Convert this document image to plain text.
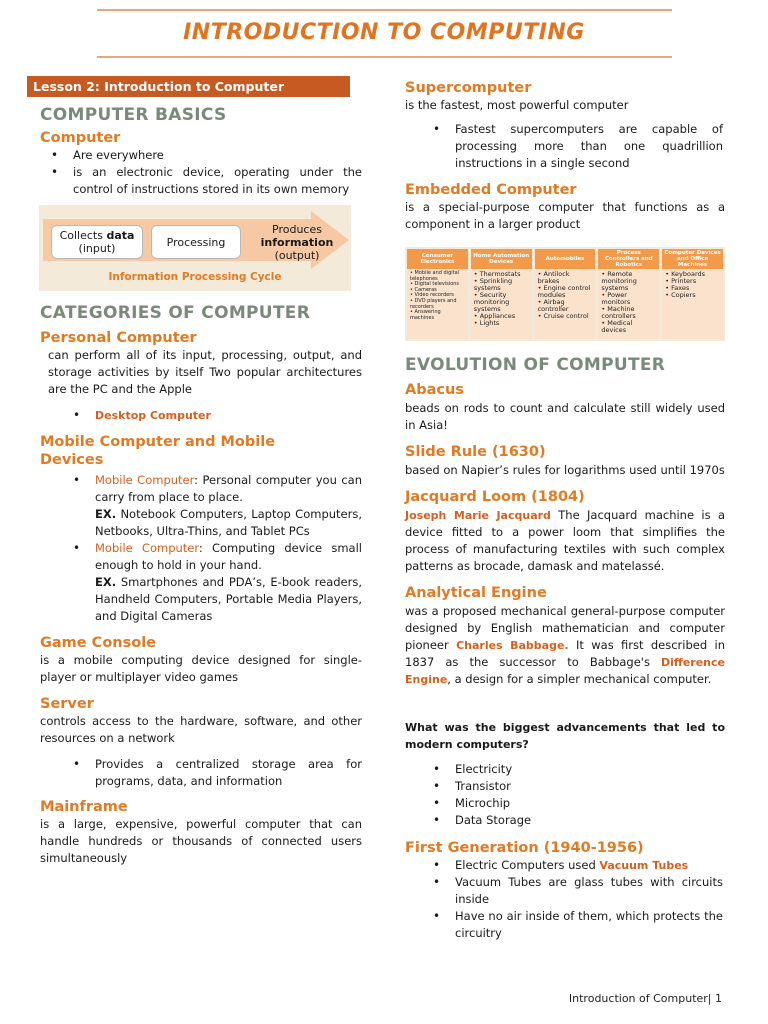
INTRODUCTION TO COMPUTING
Lesson 2: Introduction to Computer
COMPUTER BASICS
Computer
• Are everywhere
• is an electronic device, operating under the control of instructions stored in its own memory
Collects data
(input)	Processing
Produces
information
(output)
Information Processing Cycle
CATEGORIES OF COMPUTER
Personal Computer

can perform all of its input, processing, output, and storage activities by itself Two popular architectures are the PC and the Apple

• Desktop Computer
Mobile Computer and Mobile Devices
• Mobile Computer: Personal computer you can carry from place to place.
EX. Notebook Computers, Laptop Computers, Netbooks, Ultra-Thins, and Tablet PCs
• Mobile Computer: Computing device small enough to hold in your hand.
EX. Smartphones and PDA’s, E-book readers, Handheld Computers, Portable Media Players, and Digital Cameras
Game Console

is a mobile computing device designed for single-player or multiplayer video games

Server

controls access to the hardware, software, and other resources on a network

• Provides a centralized storage area for programs, data, and information
Mainframe

is a large, expensive, powerful computer that can handle hundreds or thousands of connected users simultaneously

Supercomputer

is the fastest, most powerful computer

• Fastest supercomputers are capable of processing more than one quadrillion instructions in a single second
Embedded Computer

is a special-purpose computer that functions as a component in a larger product

Consumer Electronics
• Mobile and digital telephones
• Digital televisions
• Cameras
• Video recorders
• DVD players and recorders
• Answering machines
Home Automation Devices
• Thermostats
• Sprinkling systems
• Security monitoring systems
• Appliances
• Lights
Automobiles
• Antilock brakes
• Engine control modules
• Airbag controller
• Cruise control
Process Controllers and Robotics
• Remote monitoring systems
• Power monitors
• Machine controllers
• Medical devices
Computer Devices and Office Machines
• Keyboards
• Printers
• Faxes
• Copiers
EVOLUTION OF COMPUTER
Abacus

beads on rods to count and calculate still widely used in Asia!

Slide Rule (1630)

based on Napier’s rules for logarithms used until 1970s

Jacquard Loom (1804)

Joseph Marie Jacquard The Jacquard machine is a device fitted to a power loom that simplifies the process of manufacturing textiles with such complex patterns as brocade, damask and matelassé.

Analytical Engine

was a proposed mechanical general-purpose computer designed by English mathematician and computer pioneer Charles Babbage. It was first described in 1837 as the successor to Babbage's Difference Engine, a design for a simpler mechanical computer.

What was the biggest advancements that led to modern computers?

• Electricity
• Transistor
• Microchip
• Data Storage
First Generation (1940-1956)
• Electric Computers used Vacuum Tubes
• Vacuum Tubes are glass tubes with circuits inside
• Have no air inside of them, which protects the circuitry
Introduction of Computer| 1
